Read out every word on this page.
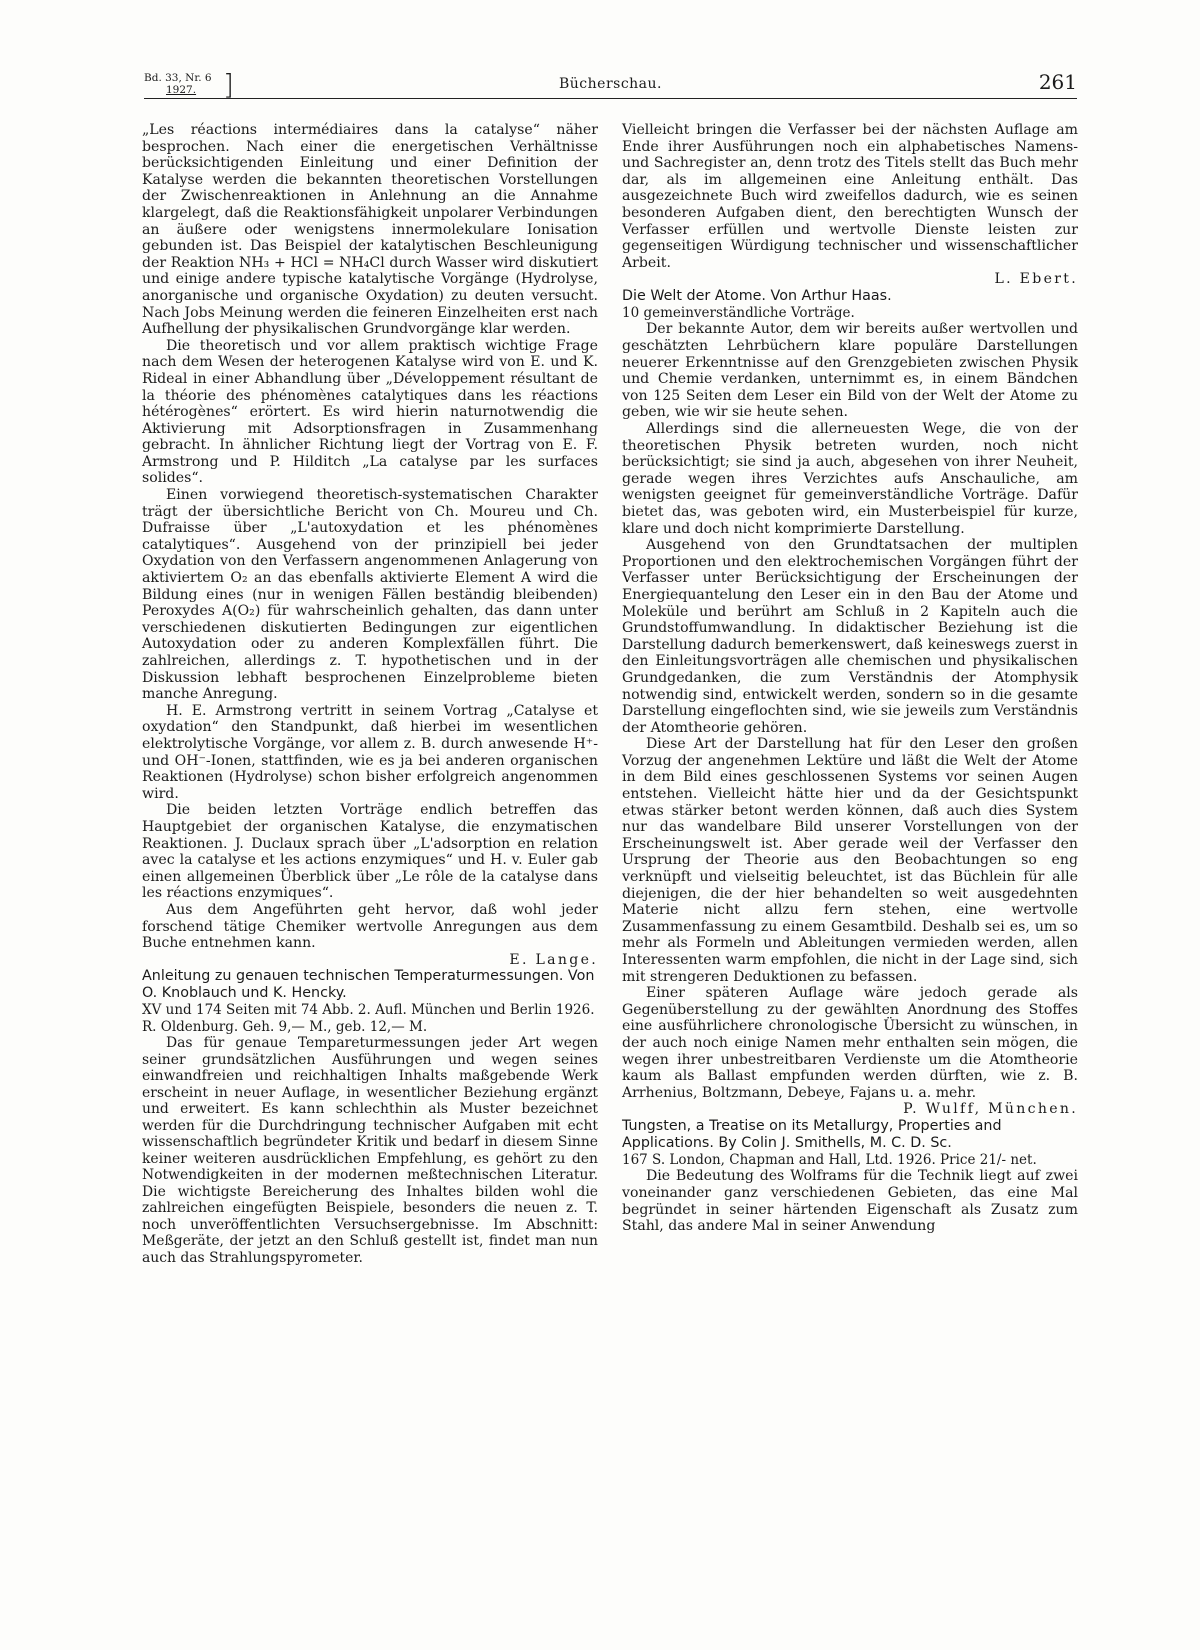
Bd. 33, Nr. 6
1927. ]	Bücherschau.	261

„Les réactions intermédiaires dans la catalyse“ näher besprochen. Nach einer die energetischen Verhältnisse berücksichtigenden Einleitung und einer Definition der Katalyse werden die bekannten theoretischen Vorstellungen der Zwischenreaktionen in Anlehnung an die Annahme klargelegt, daß die Reaktionsfähigkeit unpolarer Verbindungen an äußere oder wenigstens innermolekulare Ionisation gebunden ist. Das Beispiel der katalytischen Beschleunigung der Reaktion NH₃ + HCl = NH₄Cl durch Wasser wird diskutiert und einige andere typische katalytische Vorgänge (Hydrolyse, anorganische und organische Oxydation) zu deuten versucht. Nach Jobs Meinung werden die feineren Einzelheiten erst nach Aufhellung der physikalischen Grundvorgänge klar werden.

Die theoretisch und vor allem praktisch wichtige Frage nach dem Wesen der heterogenen Katalyse wird von E. und K. Rideal in einer Abhandlung über „Développement résultant de la théorie des phénomènes catalytiques dans les réactions hétérogènes“ erörtert. Es wird hierin naturnotwendig die Aktivierung mit Adsorptionsfragen in Zusammenhang gebracht. In ähnlicher Richtung liegt der Vortrag von E. F. Armstrong und P. Hilditch „La catalyse par les surfaces solides“.

Einen vorwiegend theoretisch-systematischen Charakter trägt der übersichtliche Bericht von Ch. Moureu und Ch. Dufraisse über „L'autoxydation et les phénomènes catalytiques“. Ausgehend von der prinzipiell bei jeder Oxydation von den Verfassern angenommenen Anlagerung von aktiviertem O₂ an das ebenfalls aktivierte Element A wird die Bildung eines (nur in wenigen Fällen beständig bleibenden) Peroxydes A(O₂) für wahrscheinlich gehalten, das dann unter verschiedenen diskutierten Bedingungen zur eigentlichen Autoxydation oder zu anderen Komplexfällen führt. Die zahlreichen, allerdings z. T. hypothetischen und in der Diskussion lebhaft besprochenen Einzelprobleme bieten manche Anregung.

H. E. Armstrong vertritt in seinem Vortrag „Catalyse et oxydation“ den Standpunkt, daß hierbei im wesentlichen elektrolytische Vorgänge, vor allem z. B. durch anwesende H⁺- und OH⁻-Ionen, stattfinden, wie es ja bei anderen organischen Reaktionen (Hydrolyse) schon bisher erfolgreich angenommen wird.

Die beiden letzten Vorträge endlich betreffen das Hauptgebiet der organischen Katalyse, die enzymatischen Reaktionen. J. Duclaux sprach über „L'adsorption en relation avec la catalyse et les actions enzymiques“ und H. v. Euler gab einen allgemeinen Überblick über „Le rôle de la catalyse dans les réactions enzymiques“.

Aus dem Angeführten geht hervor, daß wohl jeder forschend tätige Chemiker wertvolle Anregungen aus dem Buche entnehmen kann.

E. Lange.

Anleitung zu genauen technischen Temperaturmessungen. Von O. Knoblauch und K. Hencky.

XV und 174 Seiten mit 74 Abb. 2. Aufl. München und Berlin 1926. R. Oldenburg. Geh. 9,— M., geb. 12,— M.

Das für genaue Tempareturmessungen jeder Art wegen seiner grundsätzlichen Ausführungen und wegen seines einwandfreien und reichhaltigen Inhalts maßgebende Werk erscheint in neuer Auflage, in wesentlicher Beziehung ergänzt und erweitert. Es kann schlechthin als Muster bezeichnet werden für die Durchdringung technischer Aufgaben mit echt wissenschaftlich begründeter Kritik und bedarf in diesem Sinne keiner weiteren ausdrücklichen Empfehlung, es gehört zu den Notwendigkeiten in der modernen meßtechnischen Literatur. Die wichtigste Bereicherung des Inhaltes bilden wohl die zahlreichen eingefügten Beispiele, besonders die neuen z. T. noch unveröffentlichten Versuchsergebnisse. Im Abschnitt: Meßgeräte, der jetzt an den Schluß gestellt ist, findet man nun auch das Strahlungspyrometer.

Vielleicht bringen die Verfasser bei der nächsten Auflage am Ende ihrer Ausführungen noch ein alphabetisches Namens- und Sachregister an, denn trotz des Titels stellt das Buch mehr dar, als im allgemeinen eine Anleitung enthält. Das ausgezeichnete Buch wird zweifellos dadurch, wie es seinen besonderen Aufgaben dient, den berechtigten Wunsch der Verfasser erfüllen und wertvolle Dienste leisten zur gegenseitigen Würdigung technischer und wissenschaftlicher Arbeit.

L. Ebert.

Die Welt der Atome. Von Arthur Haas.

10 gemeinverständliche Vorträge.

Der bekannte Autor, dem wir bereits außer wertvollen und geschätzten Lehrbüchern klare populäre Darstellungen neuerer Erkenntnisse auf den Grenzgebieten zwischen Physik und Chemie verdanken, unternimmt es, in einem Bändchen von 125 Seiten dem Leser ein Bild von der Welt der Atome zu geben, wie wir sie heute sehen.

Allerdings sind die allerneuesten Wege, die von der theoretischen Physik betreten wurden, noch nicht berücksichtigt; sie sind ja auch, abgesehen von ihrer Neuheit, gerade wegen ihres Verzichtes aufs Anschauliche, am wenigsten geeignet für gemeinverständliche Vorträge. Dafür bietet das, was geboten wird, ein Musterbeispiel für kurze, klare und doch nicht komprimierte Darstellung.

Ausgehend von den Grundtatsachen der multiplen Proportionen und den elektrochemischen Vorgängen führt der Verfasser unter Berücksichtigung der Erscheinungen der Energiequantelung den Leser ein in den Bau der Atome und Moleküle und berührt am Schluß in 2 Kapiteln auch die Grundstoffumwandlung. In didaktischer Beziehung ist die Darstellung dadurch bemerkenswert, daß keineswegs zuerst in den Einleitungsvorträgen alle chemischen und physikalischen Grundgedanken, die zum Verständnis der Atomphysik notwendig sind, entwickelt werden, sondern so in die gesamte Darstellung eingeflochten sind, wie sie jeweils zum Verständnis der Atomtheorie gehören.

Diese Art der Darstellung hat für den Leser den großen Vorzug der angenehmen Lektüre und läßt die Welt der Atome in dem Bild eines geschlossenen Systems vor seinen Augen entstehen. Vielleicht hätte hier und da der Gesichtspunkt etwas stärker betont werden können, daß auch dies System nur das wandelbare Bild unserer Vorstellungen von der Erscheinungswelt ist. Aber gerade weil der Verfasser den Ursprung der Theorie aus den Beobachtungen so eng verknüpft und vielseitig beleuchtet, ist das Büchlein für alle diejenigen, die der hier behandelten so weit ausgedehnten Materie nicht allzu fern stehen, eine wertvolle Zusammenfassung zu einem Gesamtbild. Deshalb sei es, um so mehr als Formeln und Ableitungen vermieden werden, allen Interessenten warm empfohlen, die nicht in der Lage sind, sich mit strengeren Deduktionen zu befassen.

Einer späteren Auflage wäre jedoch gerade als Gegenüberstellung zu der gewählten Anordnung des Stoffes eine ausführlichere chronologische Übersicht zu wünschen, in der auch noch einige Namen mehr enthalten sein mögen, die wegen ihrer unbestreitbaren Verdienste um die Atomtheorie kaum als Ballast empfunden werden dürften, wie z. B. Arrhenius, Boltzmann, Debeye, Fajans u. a. mehr.

P. Wulff, München.

Tungsten, a Treatise on its Metallurgy, Properties and Applications. By Colin J. Smithells, M. C. D. Sc.

167 S. London, Chapman and Hall, Ltd. 1926. Price 21/- net.

Die Bedeutung des Wolframs für die Technik liegt auf zwei voneinander ganz verschiedenen Gebieten, das eine Mal begründet in seiner härtenden Eigenschaft als Zusatz zum Stahl, das andere Mal in seiner Anwendung
